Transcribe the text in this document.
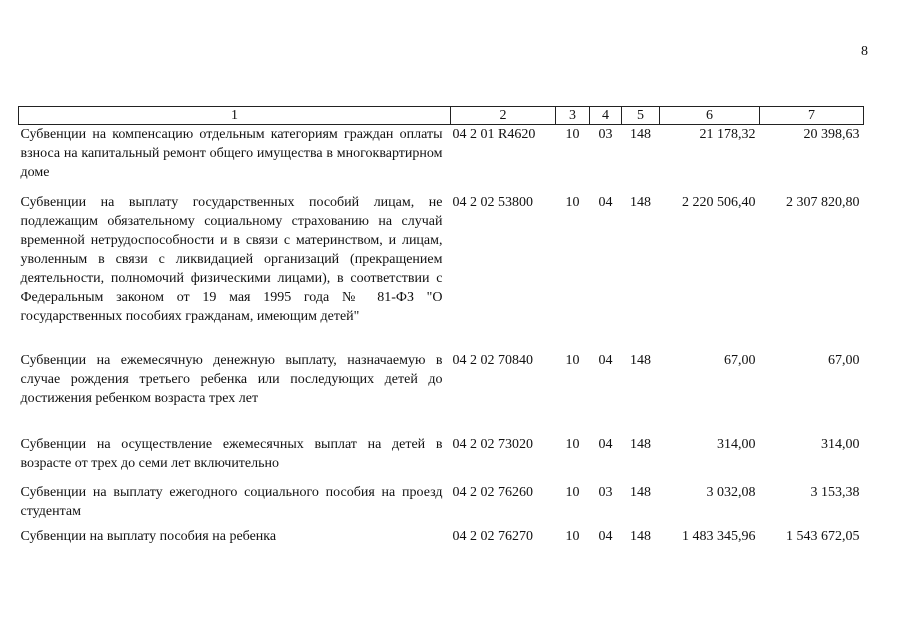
8
1	2	3	4	5	6	7
Субвенции на компенсацию отдельным категориям граждан оплаты взноса на капитальный ремонт общего имущества в многоквартирном доме	04 2 01 R4620	10	03	148	21 178,32	20 398,63
Субвенции на выплату государственных пособий лицам, не подлежащим обязательному социальному страхованию на случай временной нетрудоспособности и в связи с материнством, и лицам, уволенным в связи с ликвидацией организаций (прекращением деятельности, полномочий физическими лицами), в соответствии с Федеральным законом от 19 мая 1995 года № 81-ФЗ "О государственных пособиях гражданам, имеющим детей"	04 2 02 53800	10	04	148	2 220 506,40	2 307 820,80
Субвенции на ежемесячную денежную выплату, назначаемую в случае рождения третьего ребенка или последующих детей до достижения ребенком возраста трех лет	04 2 02 70840	10	04	148	67,00	67,00
Субвенции на осуществление ежемесячных выплат на детей в возрасте от трех до семи лет включительно	04 2 02 73020	10	04	148	314,00	314,00
Субвенции на выплату ежегодного социального пособия на проезд студентам	04 2 02 76260	10	03	148	3 032,08	3 153,38
Субвенции на выплату пособия на ребенка	04 2 02 76270	10	04	148	1 483 345,96	1 543 672,05
